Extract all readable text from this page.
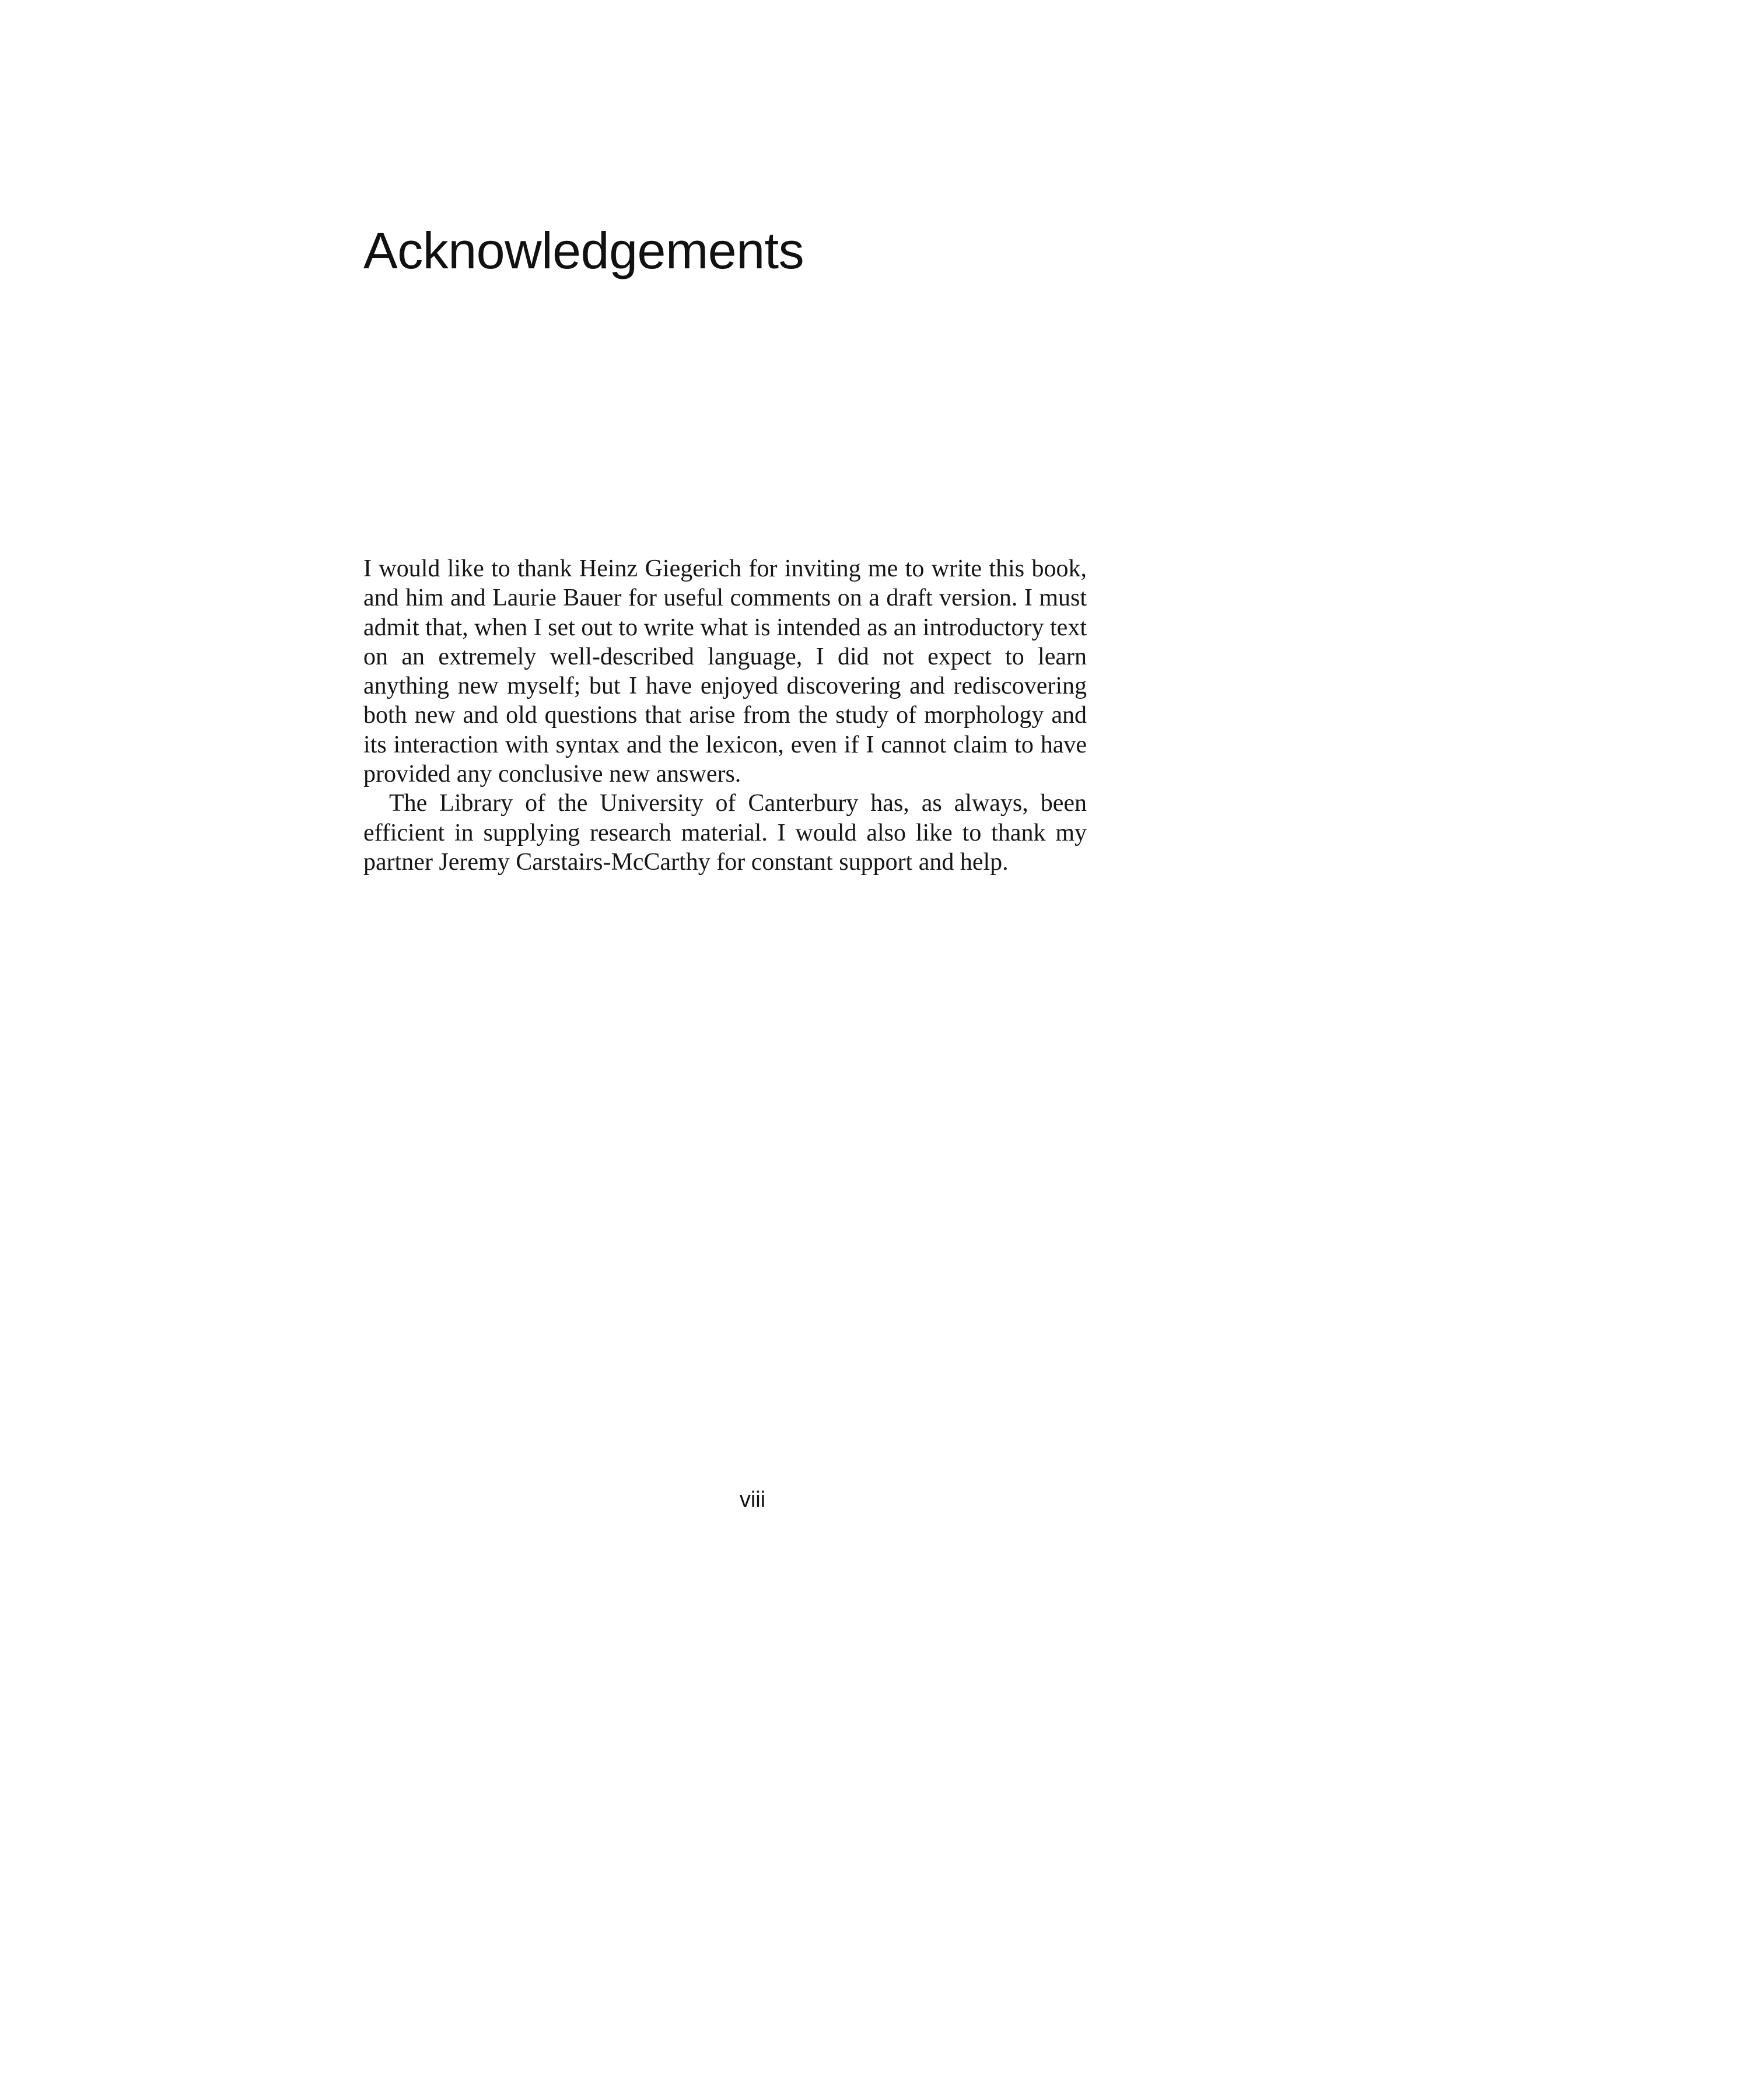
Acknowledgements

I would like to thank Heinz Giegerich for inviting me to write this book, and him and Laurie Bauer for useful comments on a draft version. I must admit that, when I set out to write what is intended as an introductory text on an extremely well-described language, I did not expect to learn anything new myself; but I have enjoyed discovering and rediscovering both new and old questions that arise from the study of morphology and its interaction with syntax and the lexicon, even if I cannot claim to have provided any conclusive new answers.

The Library of the University of Canterbury has, as always, been efficient in supplying research material. I would also like to thank my partner Jeremy Carstairs-McCarthy for constant support and help.

viii
